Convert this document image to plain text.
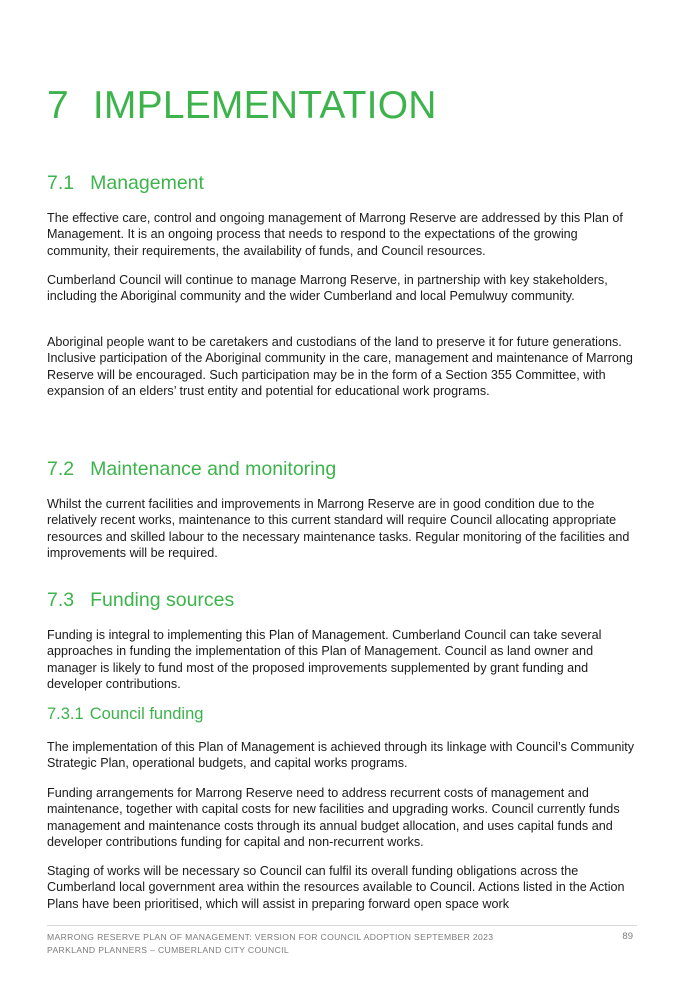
7 IMPLEMENTATION
7.1 Management

The effective care, control and ongoing management of Marrong Reserve are addressed by this Plan of Management. It is an ongoing process that needs to respond to the expectations of the growing community, their requirements, the availability of funds, and Council resources.

Cumberland Council will continue to manage Marrong Reserve, in partnership with key stakeholders, including the Aboriginal community and the wider Cumberland and local Pemulwuy community.

Aboriginal people want to be caretakers and custodians of the land to preserve it for future generations. Inclusive participation of the Aboriginal community in the care, management and maintenance of Marrong Reserve will be encouraged. Such participation may be in the form of a Section 355 Committee, with expansion of an elders’ trust entity and potential for educational work programs.

7.2 Maintenance and monitoring

Whilst the current facilities and improvements in Marrong Reserve are in good condition due to the relatively recent works, maintenance to this current standard will require Council allocating appropriate resources and skilled labour to the necessary maintenance tasks. Regular monitoring of the facilities and improvements will be required.

7.3 Funding sources

Funding is integral to implementing this Plan of Management. Cumberland Council can take several approaches in funding the implementation of this Plan of Management. Council as land owner and manager is likely to fund most of the proposed improvements supplemented by grant funding and developer contributions.

7.3.1 Council funding

The implementation of this Plan of Management is achieved through its linkage with Council’s Community Strategic Plan, operational budgets, and capital works programs.

Funding arrangements for Marrong Reserve need to address recurrent costs of management and maintenance, together with capital costs for new facilities and upgrading works. Council currently funds management and maintenance costs through its annual budget allocation, and uses capital funds and developer contributions funding for capital and non-recurrent works.

Staging of works will be necessary so Council can fulfil its overall funding obligations across the Cumberland local government area within the resources available to Council. Actions listed in the Action Plans have been prioritised, which will assist in preparing forward open space work

MARRONG RESERVE PLAN OF MANAGEMENT: VERSION FOR COUNCIL ADOPTION SEPTEMBER 2023
PARKLAND PLANNERS – CUMBERLAND CITY COUNCIL
89
